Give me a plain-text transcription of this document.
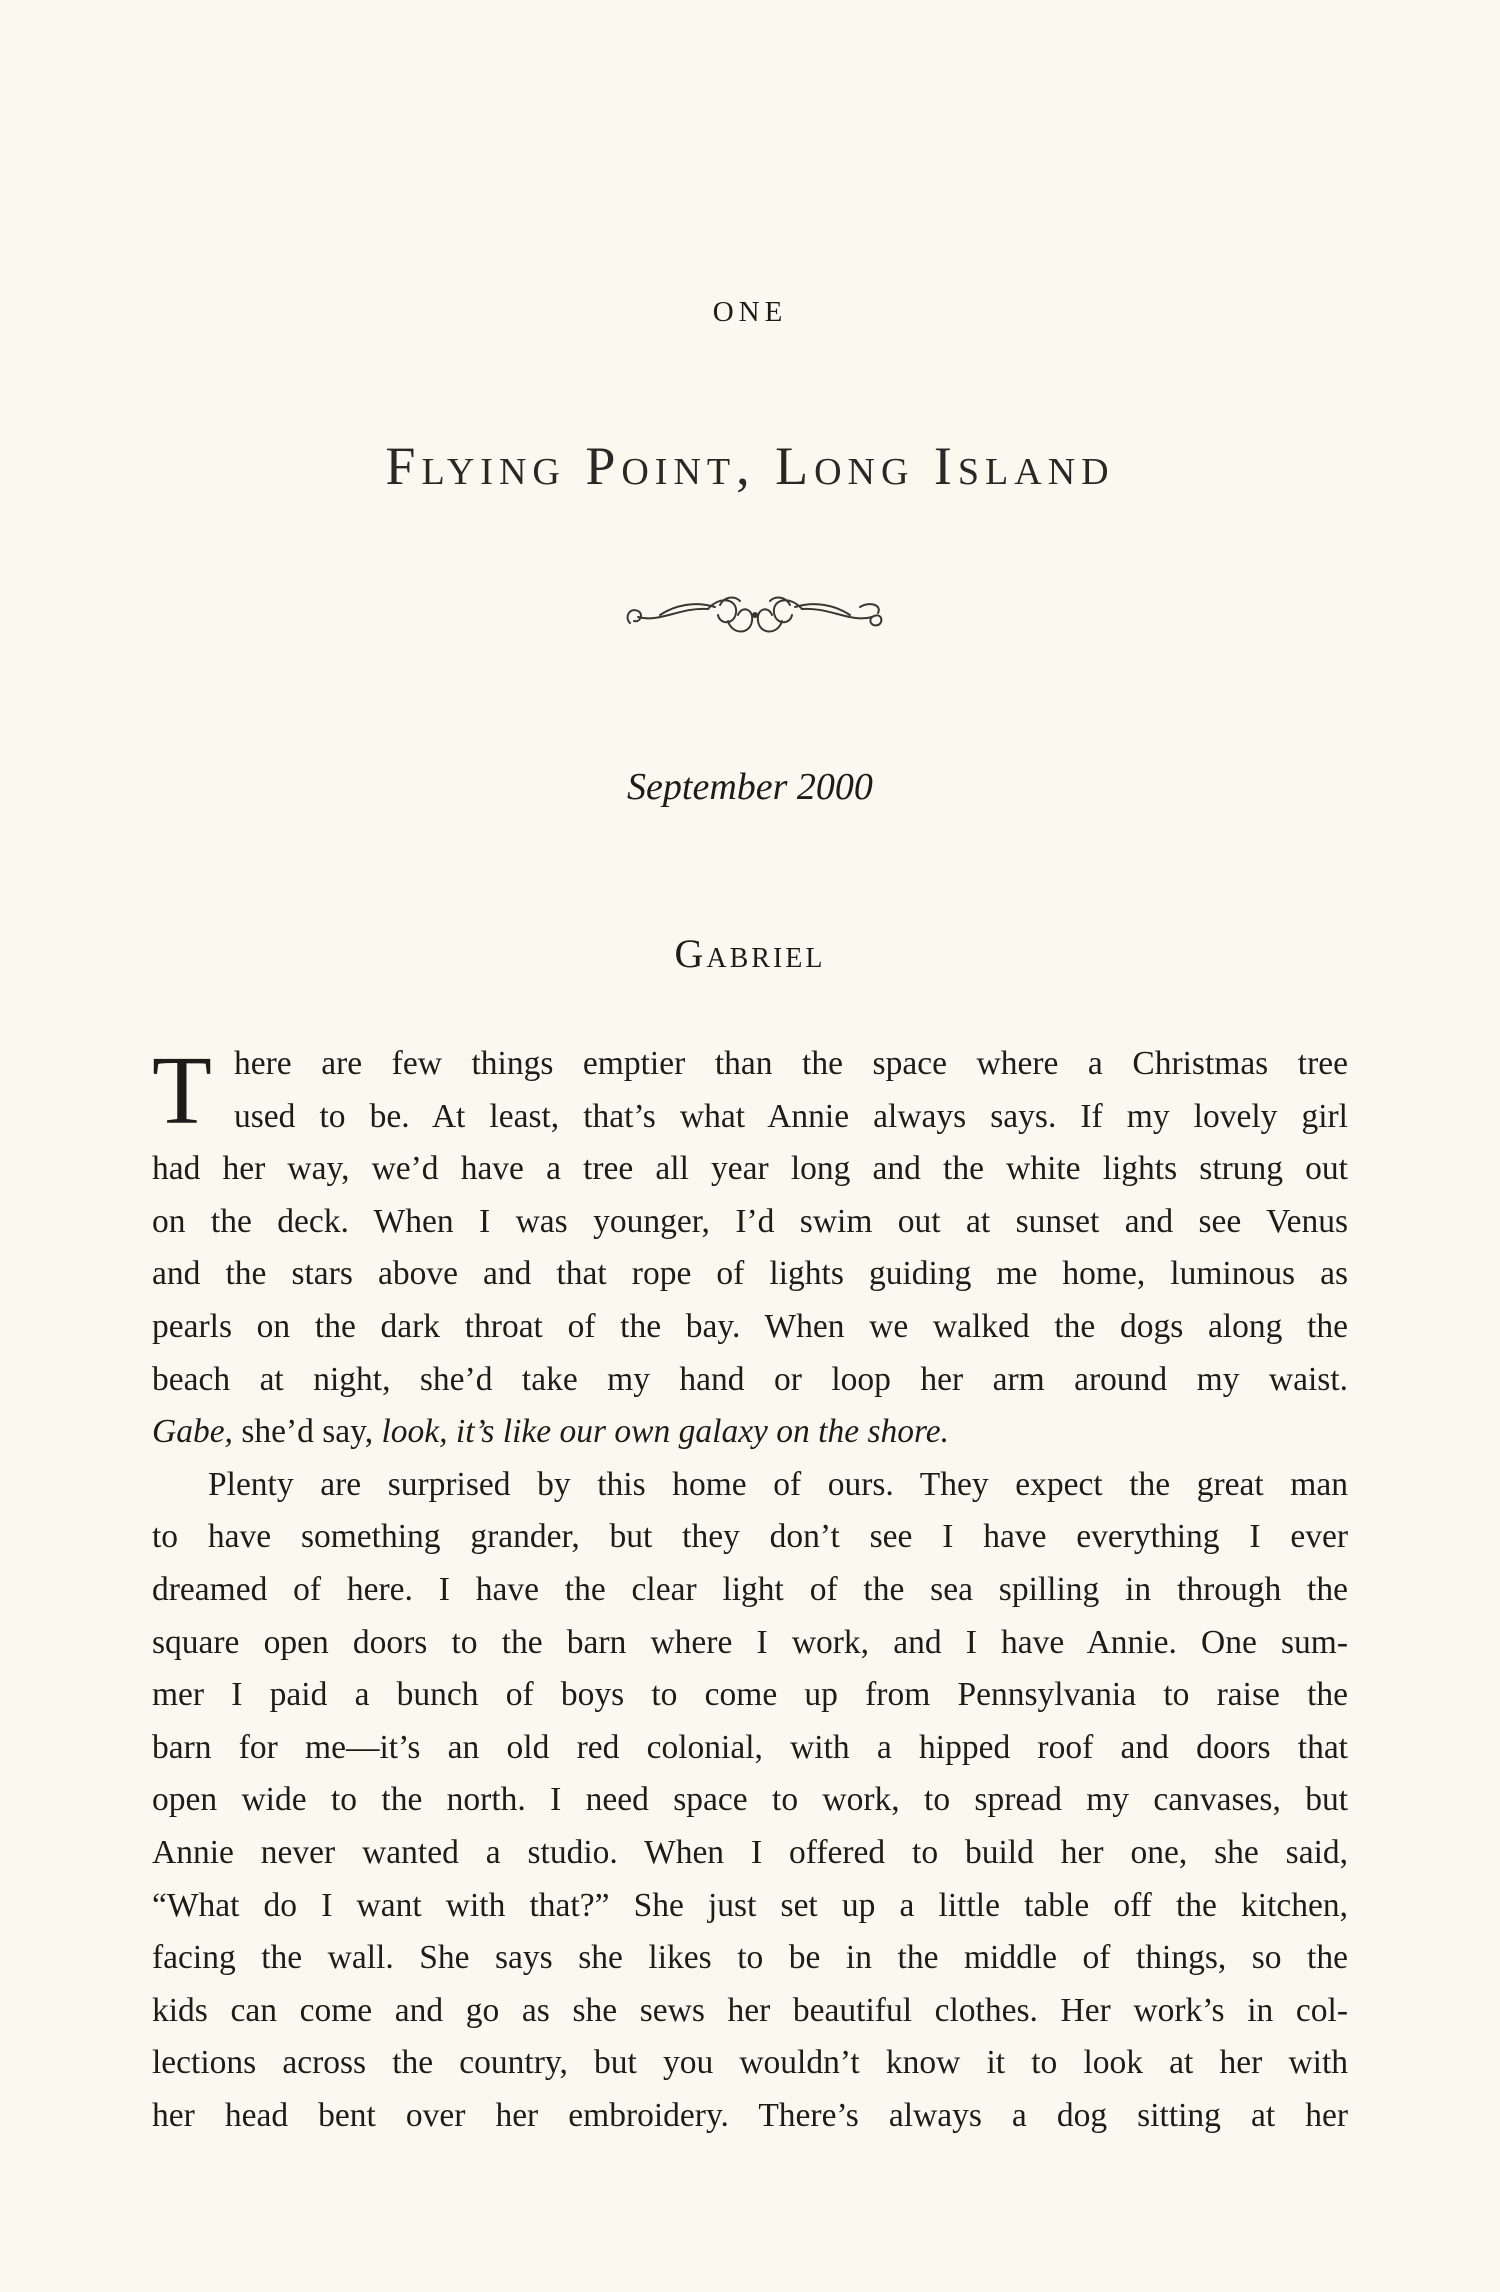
ONE
Flying Point, Long Island
September 2000
Gabriel
T here are few things emptier than the space where a Christmas tree
used to be. At least, that’s what Annie always says. If my lovely girl
had her way, we’d have a tree all year long and the white lights strung out
on the deck. When I was younger, I’d swim out at sunset and see Venus
and the stars above and that rope of lights guiding me home, luminous as
pearls on the dark throat of the bay. When we walked the dogs along the
beach at night, she’d take my hand or loop her arm around my waist.
Gabe, she’d say, look, it’s like our own galaxy on the shore.
Plenty are surprised by this home of ours. They expect the great man
to have something grander, but they don’t see I have everything I ever
dreamed of here. I have the clear light of the sea spilling in through the
square open doors to the barn where I work, and I have Annie. One sum-
mer I paid a bunch of boys to come up from Pennsylvania to raise the
barn for me—it’s an old red colonial, with a hipped roof and doors that
open wide to the north. I need space to work, to spread my canvases, but
Annie never wanted a studio. When I offered to build her one, she said,
“What do I want with that?” She just set up a little table off the kitchen,
facing the wall. She says she likes to be in the middle of things, so the
kids can come and go as she sews her beautiful clothes. Her work’s in col-
lections across the country, but you wouldn’t know it to look at her with
her head bent over her embroidery. There’s always a dog sitting at her
